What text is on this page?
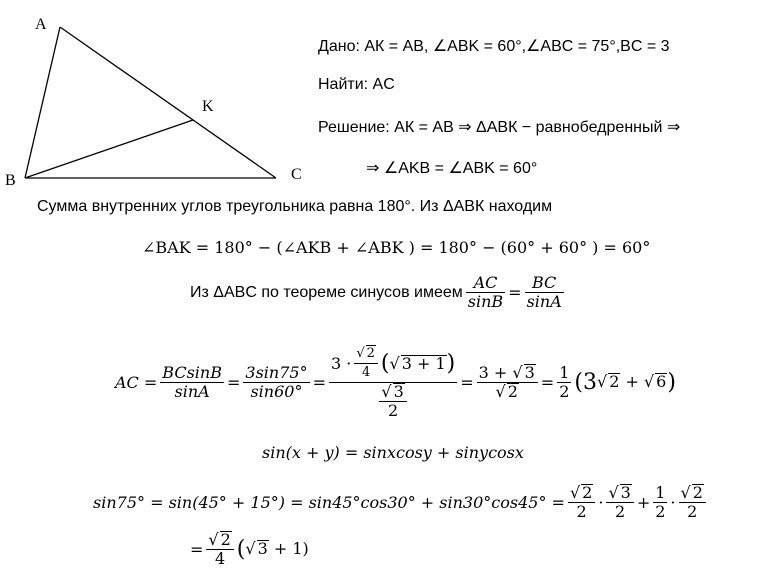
A
B	C
K
Дано: АК = АВ, ∠ABK = 60°,∠ABC = 75°,BC = 3
Найти: AC
Решение: АК = АВ ⇒ ΔАВК − равнобедренный ⇒
⇒ ∠AKB = ∠ABK = 60°
Сумма внутренних углов треугольника равна 180°. Из ΔАВК находим
∠BAK = 180° − (∠AKB + ∠ABK ) = 180° − (60° + 60° ) = 60°
Из ΔABC по теореме синусов имеем $\frac{AC}{\sin B} = \frac{BC}{\sin A}$
AC = $\frac{BCsinB}{\sin A} = \frac{3\sin 75^\circ}{\sin 60^\circ} = \frac{3 \cdot \frac{√ 2}{4} ( √ 3 + 1 )}{\frac{√ 3}{2}} = \frac{3 + √ 3}{√ 2} = \frac{1}{2} (3√$ 2 + √ 6)
sin(x + y) = sinxcosy + sinycosx
$\sin 75^\circ = \sin(45^\circ + 15^\circ) = \sin 45^\circ\cos 30^\circ + \sin 30^\circ\cos 45^\circ = \frac{√ 2}{2} \cdot \frac{√ 3}{2} + \frac{1}{2} \cdot \frac{√ 2}{2}$
= $\frac{√ 2}{4}$ (√ 3 + 1)
